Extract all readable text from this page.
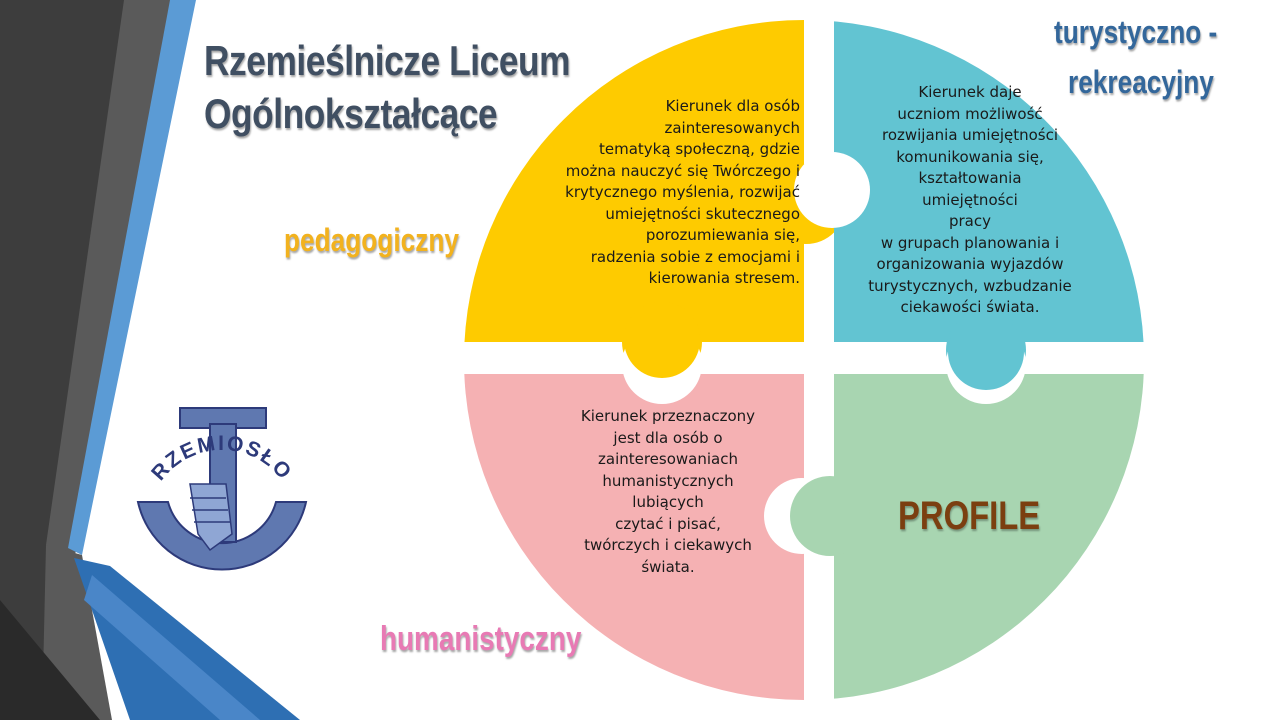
Rzemieślnicze Liceum
Ogólnokształcące
pedagogiczny
turystyczno -
rekreacyjny
humanistyczny
Kierunek dla osób
zainteresowanych
tematyką społeczną, gdzie
można nauczyć się Twórczego i
krytycznego myślenia, rozwijać
umiejętności skutecznego
porozumiewania się,
radzenia sobie z emocjami i
kierowania stresem.
Kierunek daje
uczniom możliwość
rozwijania umiejętności
komunikowania się,
kształtowania
umiejętności
pracy
w grupach planowania i
organizowania wyjazdów
turystycznych, wzbudzanie
ciekawości świata.
Kierunek przeznaczony
jest dla osób o
zainteresowaniach
humanistycznych
lubiących
czytać i pisać,
twórczych i ciekawych
świata.
PROFILE
RZEMIOSŁO
Biała Podlaska
